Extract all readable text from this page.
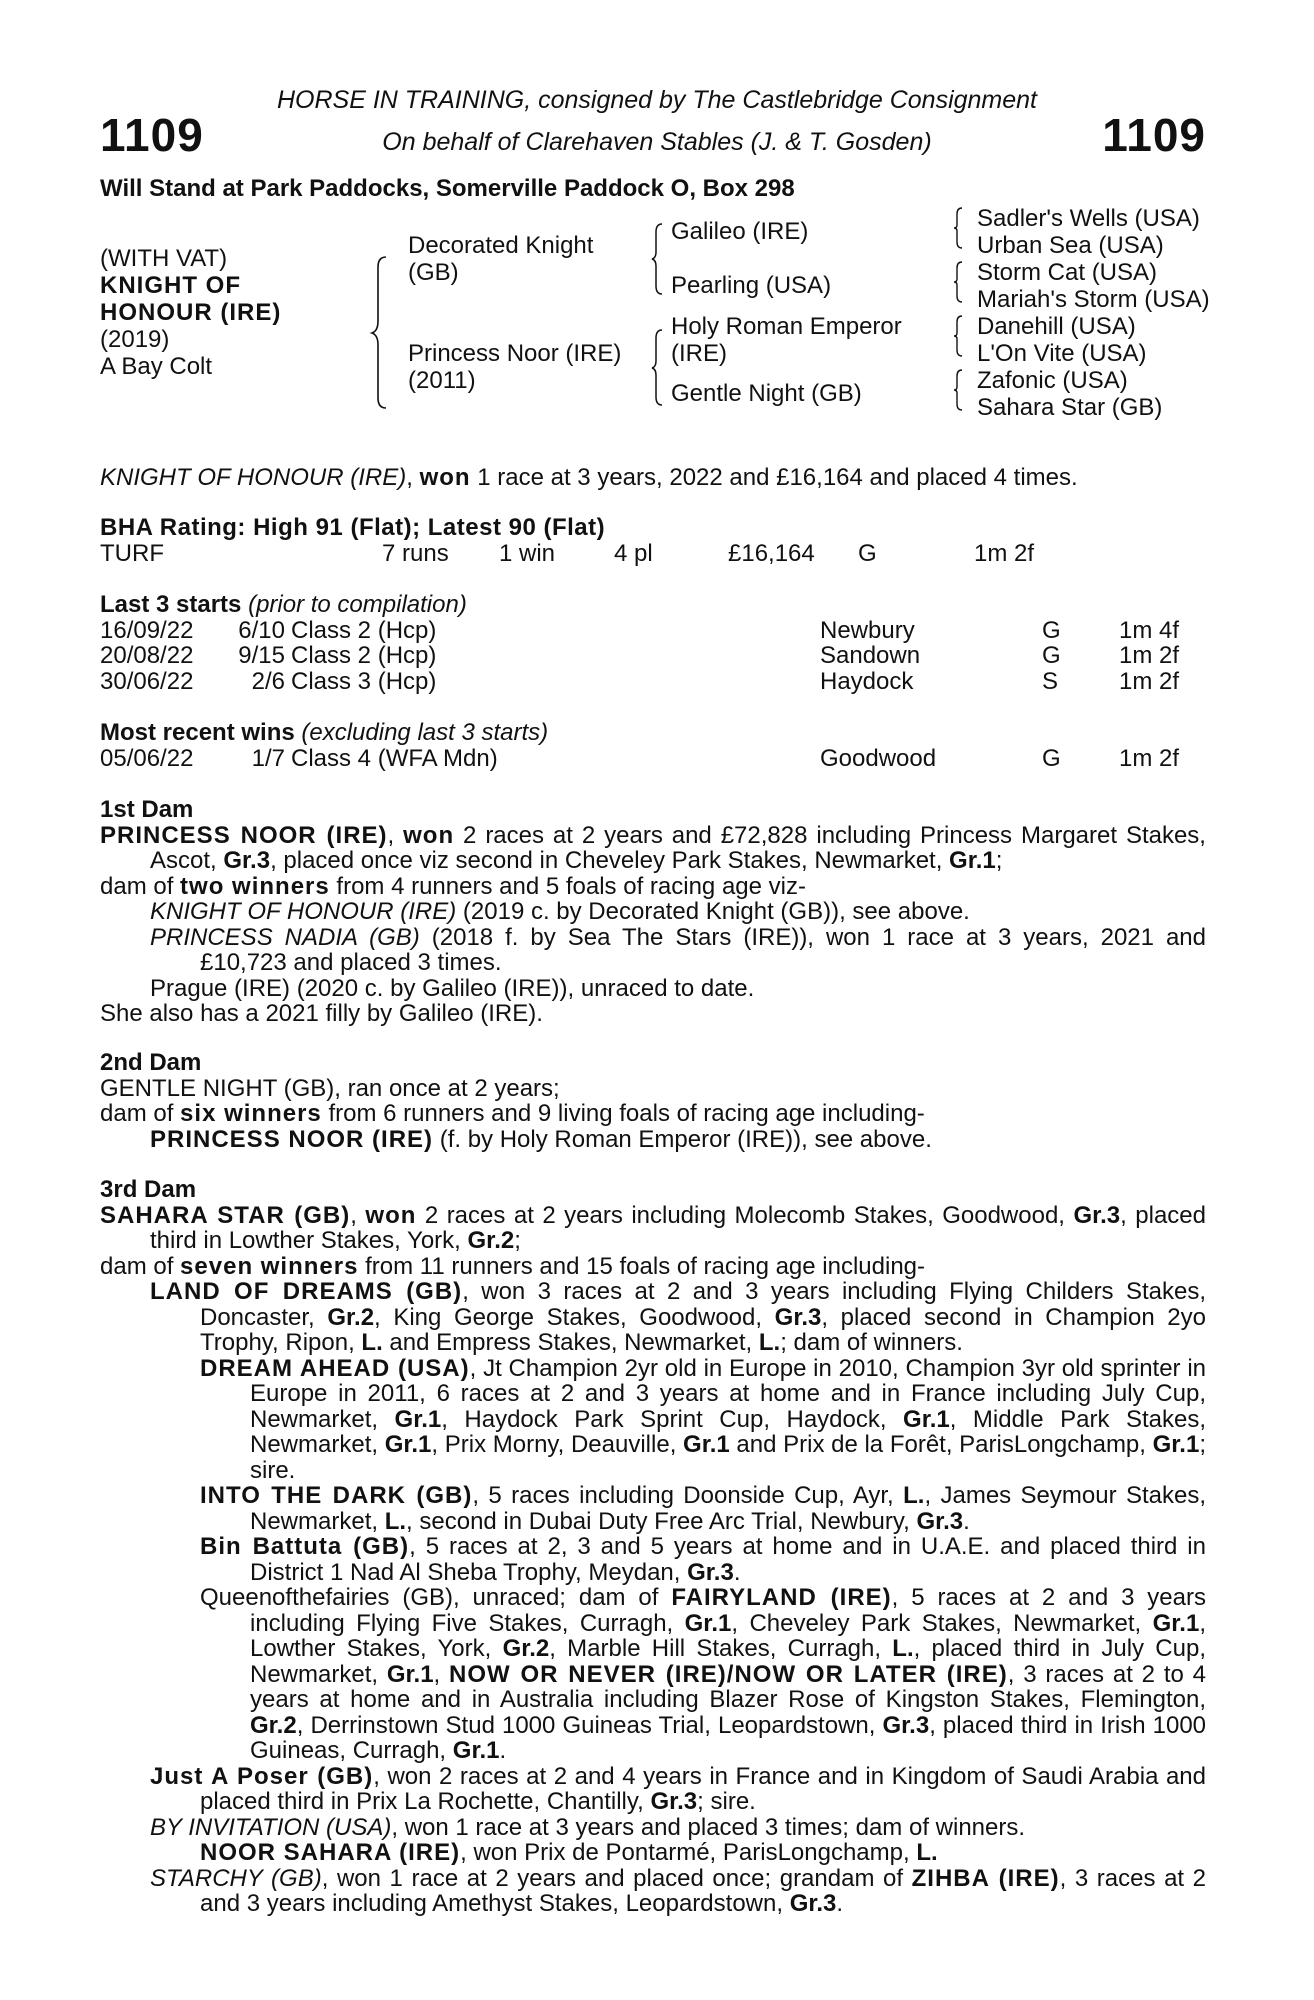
1109	1109
HORSE IN TRAINING, consigned by The Castlebridge Consignment
On behalf of Clarehaven Stables (J. & T. Gosden)
Will Stand at Park Paddocks, Somerville Paddock O, Box 298
(WITH VAT)
KNIGHT OF
HONOUR (IRE)
(2019)
A Bay Colt
Decorated Knight
(GB)
Princess Noor (IRE)
(2011)
Galileo (IRE)
Pearling (USA)
Holy Roman Emperor
(IRE)
Gentle Night (GB)
Sadler's Wells (USA)
Urban Sea (USA)
Storm Cat (USA)
Mariah's Storm (USA)
Danehill (USA)
L'On Vite (USA)
Zafonic (USA)
Sahara Star (GB)
KNIGHT OF HONOUR (IRE), won 1 race at 3 years, 2022 and £16,164 and placed 4 times.
BHA Rating: High 91 (Flat); Latest 90 (Flat)
TURF	7 runs 1 win 4 pl	£16,164 G	1m 2f
Last 3 starts (prior to compilation)
16/09/22 6/10 Class 2 (Hcp)	Newbury	G 1m 4f
20/08/22 9/15 Class 2 (Hcp)	Sandown	G 1m 2f
30/06/22 2/6 Class 3 (Hcp)	Haydock	S	1m 2f
Most recent wins (excluding last 3 starts)
05/06/22 1/7 Class 4 (WFA Mdn)	Goodwood	G 1m 2f
1st Dam
PRINCESS NOOR (IRE), won 2 races at 2 years and £72,828 including Princess Margaret Stakes, Ascot, Gr.3, placed once viz second in Cheveley Park Stakes, Newmarket, Gr.1;
dam of two winners from 4 runners and 5 foals of racing age viz-
KNIGHT OF HONOUR (IRE) (2019 c. by Decorated Knight (GB)), see above.
PRINCESS NADIA (GB) (2018 f. by Sea The Stars (IRE)), won 1 race at 3 years, 2021 and £10,723 and placed 3 times.
Prague (IRE) (2020 c. by Galileo (IRE)), unraced to date.
She also has a 2021 filly by Galileo (IRE).
2nd Dam
GENTLE NIGHT (GB), ran once at 2 years;
dam of six winners from 6 runners and 9 living foals of racing age including-
PRINCESS NOOR (IRE) (f. by Holy Roman Emperor (IRE)), see above.
3rd Dam
SAHARA STAR (GB), won 2 races at 2 years including Molecomb Stakes, Goodwood, Gr.3, placed third in Lowther Stakes, York, Gr.2;
dam of seven winners from 11 runners and 15 foals of racing age including-
LAND OF DREAMS (GB), won 3 races at 2 and 3 years including Flying Childers Stakes, Doncaster, Gr.2, King George Stakes, Goodwood, Gr.3, placed second in Champion 2yo Trophy, Ripon, L. and Empress Stakes, Newmarket, L.; dam of winners.
DREAM AHEAD (USA), Jt Champion 2yr old in Europe in 2010, Champion 3yr old sprinter in Europe in 2011, 6 races at 2 and 3 years at home and in France including July Cup, Newmarket, Gr.1, Haydock Park Sprint Cup, Haydock, Gr.1, Middle Park Stakes, Newmarket, Gr.1, Prix Morny, Deauville, Gr.1 and Prix de la Forêt, ParisLongchamp, Gr.1; sire.
INTO THE DARK (GB), 5 races including Doonside Cup, Ayr, L., James Seymour Stakes, Newmarket, L., second in Dubai Duty Free Arc Trial, Newbury, Gr.3.
Bin Battuta (GB), 5 races at 2, 3 and 5 years at home and in U.A.E. and placed third in District 1 Nad Al Sheba Trophy, Meydan, Gr.3.
Queenofthefairies (GB), unraced; dam of FAIRYLAND (IRE), 5 races at 2 and 3 years including Flying Five Stakes, Curragh, Gr.1, Cheveley Park Stakes, Newmarket, Gr.1, Lowther Stakes, York, Gr.2, Marble Hill Stakes, Curragh, L., placed third in July Cup, Newmarket, Gr.1, NOW OR NEVER (IRE)/NOW OR LATER (IRE), 3 races at 2 to 4 years at home and in Australia including Blazer Rose of Kingston Stakes, Flemington, Gr.2, Derrinstown Stud 1000 Guineas Trial, Leopardstown, Gr.3, placed third in Irish 1000 Guineas, Curragh, Gr.1.
Just A Poser (GB), won 2 races at 2 and 4 years in France and in Kingdom of Saudi Arabia and placed third in Prix La Rochette, Chantilly, Gr.3; sire.
BY INVITATION (USA), won 1 race at 3 years and placed 3 times; dam of winners.
NOOR SAHARA (IRE), won Prix de Pontarmé, ParisLongchamp, L.
STARCHY (GB), won 1 race at 2 years and placed once; grandam of ZIHBA (IRE), 3 races at 2 and 3 years including Amethyst Stakes, Leopardstown, Gr.3.
